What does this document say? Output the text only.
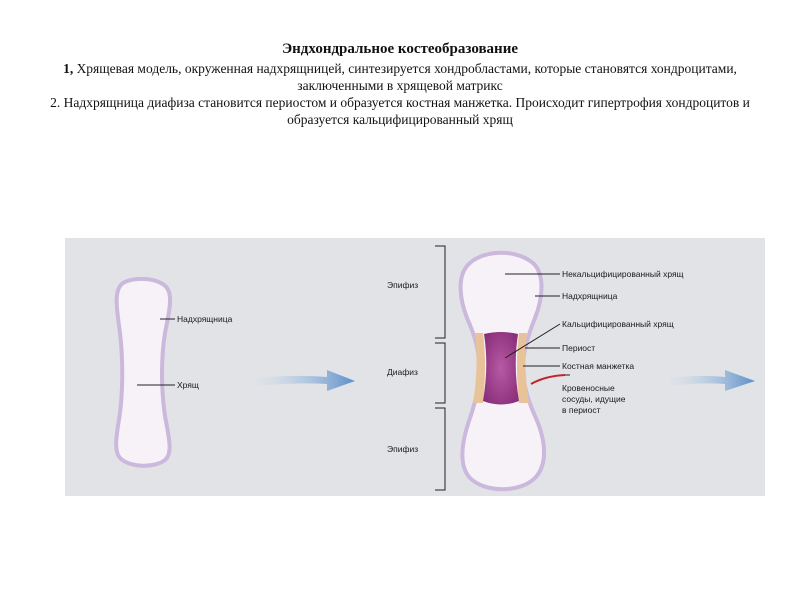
Эндхондральное костеобразование
1, Хрящевая модель, окруженная надхрящницей, синтезируется хондробластами, которые становятся хондроцитами, заключенными в хрящевой матрикс
2. Надхрящница диафиза становится периостом и образуется костная манжетка. Происходит гипертрофия хондроцитов и образуется кальцифицированный хрящ
Надхрящница
Хрящ
Эпифиз
Диафиз
Эпифиз
Некальцифицированный хрящ
Надхрящница
Кальцифицированный хрящ
Периост
Костная манжетка
Кровеносные
сосуды, идущие
в периост
